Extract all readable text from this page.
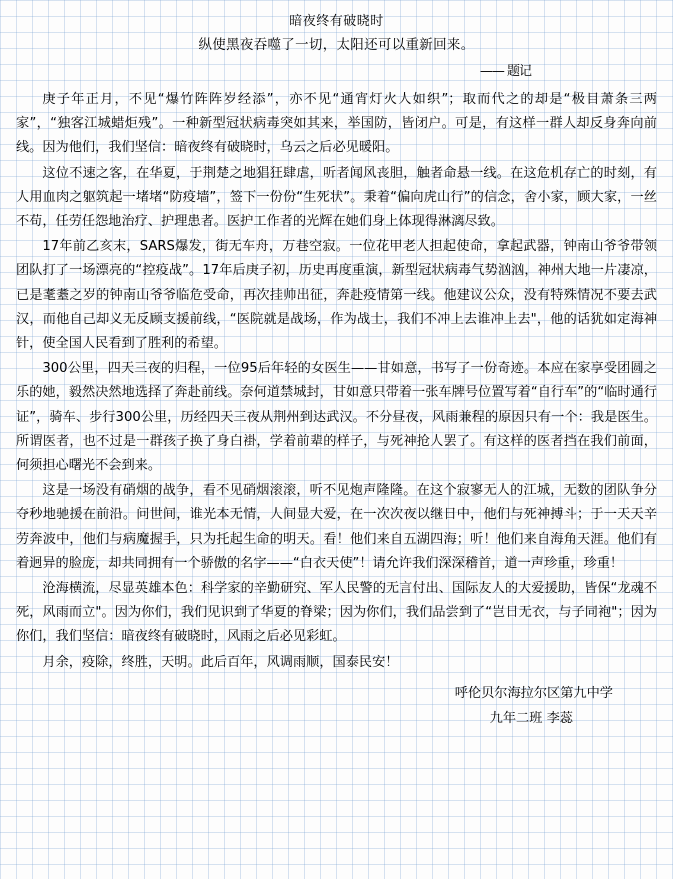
暗夜终有破晓时
纵使黑夜吞噬了一切，太阳还可以重新回来。
—— 题记

庚子年正月，不见“爆竹阵阵岁经添”，亦不见“通宵灯火人如织”；取而代之的却是“极目萧条三两家”，“独客江城蜡炬残”。一种新型冠状病毒突如其来，举国防，皆闭户。可是，有这样一群人却反身奔向前线。因为他们，我们坚信：暗夜终有破晓时，乌云之后必见暖阳。

这位不速之客，在华夏，于荆楚之地猖狂肆虐，听者闻风丧胆，触者命悬一线。在这危机存亡的时刻，有人用血肉之躯筑起一堵堵“防疫墙”，签下一份份“生死状”。秉着“偏向虎山行”的信念，舍小家，顾大家，一丝不苟，任劳任怨地治疗、护理患者。医护工作者的光辉在她们身上体现得淋漓尽致。

17年前乙亥末，SARS爆发，街无车舟，万巷空寂。一位花甲老人担起使命，拿起武器，钟南山爷爷带领团队打了一场漂亮的“控疫战”。17年后庚子初，历史再度重演，新型冠状病毒气势汹汹，神州大地一片凄凉，已是耄耋之岁的钟南山爷爷临危受命，再次挂帅出征，奔赴疫情第一线。他建议公众，没有特殊情况不要去武汉，而他自己却义无反顾支援前线，“医院就是战场，作为战士，我们不冲上去谁冲上去"，他的话犹如定海神针，使全国人民看到了胜利的希望。

300公里，四天三夜的归程，一位95后年轻的女医生——甘如意，书写了一份奇迹。本应在家享受团圆之乐的她，毅然决然地选择了奔赴前线。奈何道禁城封，甘如意只带着一张车牌号位置写着“自行车”的“临时通行证”，骑车、步行300公里，历经四天三夜从荆州到达武汉。不分昼夜，风雨兼程的原因只有一个：我是医生。所谓医者，也不过是一群孩子换了身白褂，学着前辈的样子，与死神抢人罢了。有这样的医者挡在我们前面，何须担心曙光不会到来。

这是一场没有硝烟的战争，看不见硝烟滚滚，听不见炮声隆隆。在这个寂寥无人的江城，无数的团队争分夺秒地驰援在前沿。问世间，谁光本无情，人间显大爱，在一次次夜以继日中，他们与死神搏斗；于一天天辛劳奔波中，他们与病魔握手，只为托起生命的明天。看！他们来自五湖四海；听！他们来自海角天涯。他们有着迥异的脸庞，却共同拥有一个骄傲的名字——“白衣天使”！请允许我们深深稽首，道一声珍重，珍重！

沧海横流，尽显英雄本色：科学家的辛勤研究、军人民警的无言付出、国际友人的大爱援助，皆保“龙魂不死，风雨而立"。因为你们，我们见识到了华夏的脊梁；因为你们，我们品尝到了“岂日无衣，与子同袍"；因为你们，我们坚信：暗夜终有破晓时，风雨之后必见彩虹。

月余，疫除，终胜，天明。此后百年，风调雨顺，国泰民安！

呼伦贝尔海拉尔区第九中学
九年二班 李蕊
